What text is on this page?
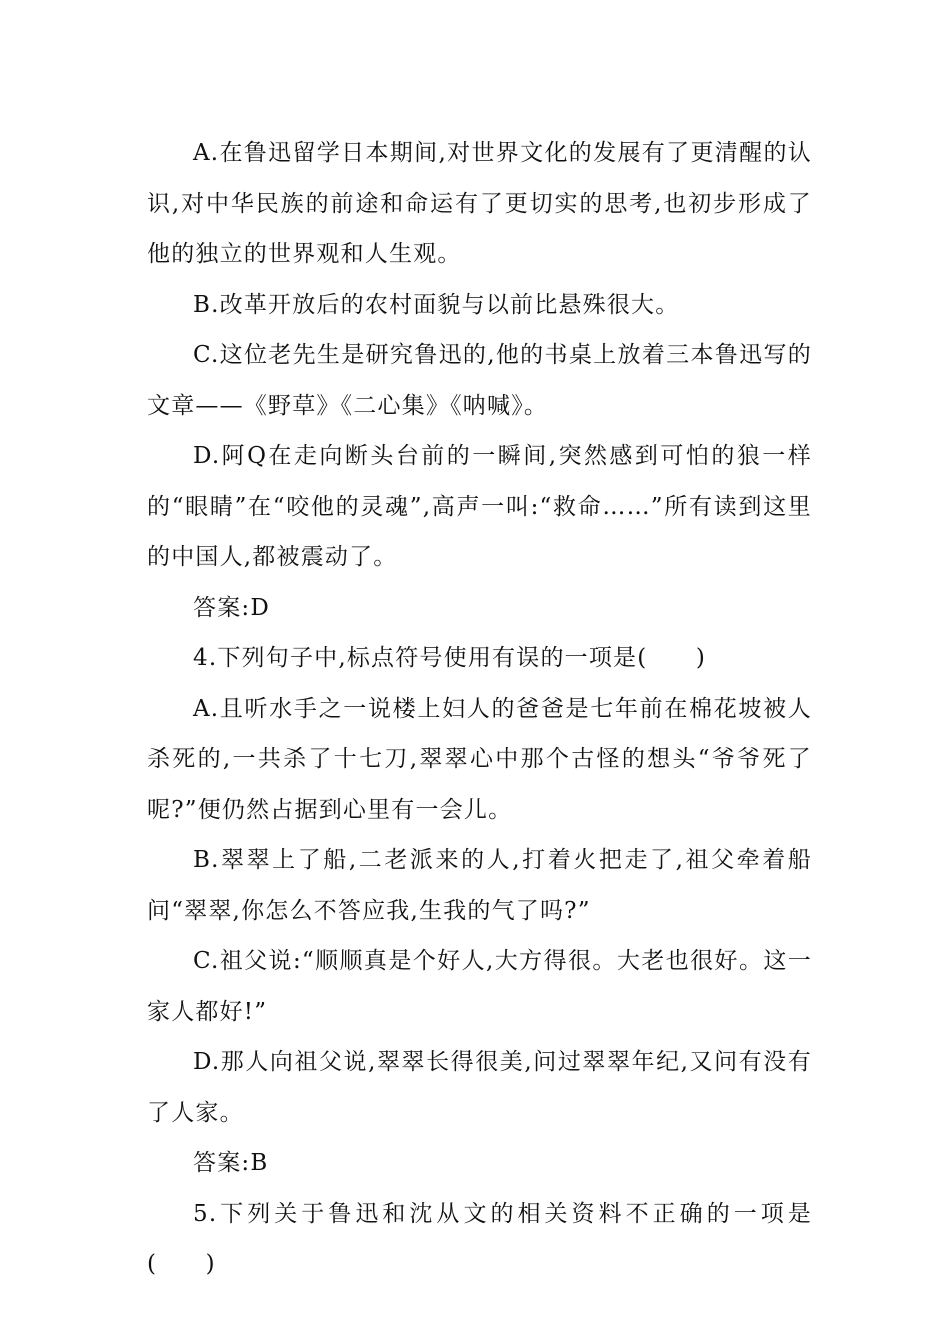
A.在鲁迅留学日本期间,对世界文化的发展有了更清醒的认识,对中华民族的前途和命运有了更切实的思考,也初步形成了他的独立的世界观和人生观。

B.改革开放后的农村面貌与以前比悬殊很大。

C.这位老先生是研究鲁迅的,他的书桌上放着三本鲁迅写的文章——《野草》《二心集》《呐喊》。

D.阿Q在走向断头台前的一瞬间,突然感到可怕的狼一样的“眼睛”在“咬他的灵魂”,高声一叫:“救命……”所有读到这里的中国人,都被震动了。

答案:D

4.下列句子中,标点符号使用有误的一项是(　　)

A.且听水手之一说楼上妇人的爸爸是七年前在棉花坡被人杀死的,一共杀了十七刀,翠翠心中那个古怪的想头“爷爷死了呢?”便仍然占据到心里有一会儿。

B.翠翠上了船,二老派来的人,打着火把走了,祖父牵着船问“翠翠,你怎么不答应我,生我的气了吗?”

C.祖父说:“顺顺真是个好人,大方得很。大老也很好。这一家人都好!”

D.那人向祖父说,翠翠长得很美,问过翠翠年纪,又问有没有了人家。

答案:B

5.下列关于鲁迅和沈从文的相关资料不正确的一项是(　　)
